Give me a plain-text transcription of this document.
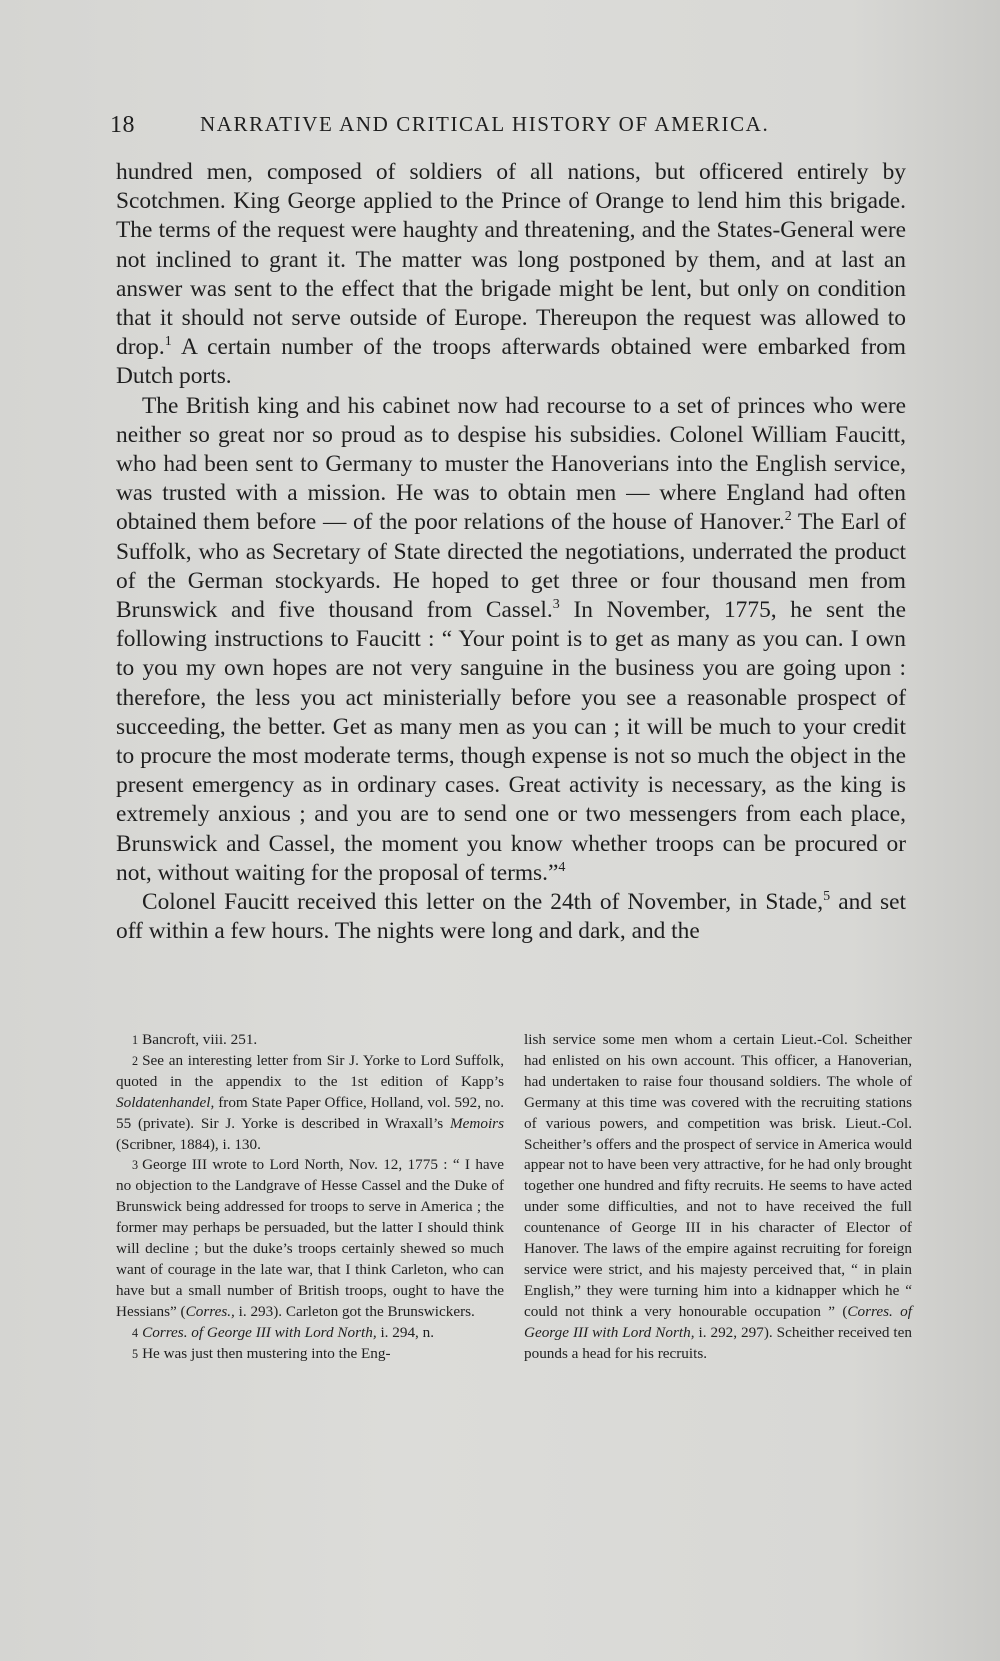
18	NARRATIVE AND CRITICAL HISTORY OF AMERICA.

hundred men, composed of soldiers of all nations, but officered entirely by Scotchmen. King George applied to the Prince of Orange to lend him this brigade. The terms of the request were haughty and threatening, and the States-General were not inclined to grant it. The matter was long postponed by them, and at last an answer was sent to the effect that the brigade might be lent, but only on condition that it should not serve outside of Europe. Thereupon the request was allowed to drop.$^1$ A certain number of the troops afterwards obtained were embarked from Dutch ports.

The British king and his cabinet now had recourse to a set of princes who were neither so great nor so proud as to despise his subsidies. Colonel William Faucitt, who had been sent to Germany to muster the Hanoverians into the English service, was trusted with a mission. He was to obtain men — where England had often obtained them before — of the poor relations of the house of Hanover.$^2$ The Earl of Suffolk, who as Secretary of State directed the negotiations, underrated the product of the German stockyards. He hoped to get three or four thousand men from Brunswick and five thousand from Cassel.$^3$ In November, 1775, he sent the following instructions to Faucitt : “ Your point is to get as many as you can. I own to you my own hopes are not very sanguine in the business you are going upon : therefore, the less you act ministerially before you see a reasonable prospect of succeeding, the better. Get as many men as you can ; it will be much to your credit to procure the most moderate terms, though expense is not so much the object in the present emergency as in ordinary cases. Great activity is necessary, as the king is extremely anxious ; and you are to send one or two messengers from each place, Brunswick and Cassel, the moment you know whether troops can be procured or not, without waiting for the proposal of terms.”$^4$

Colonel Faucitt received this letter on the 24th of November, in Stade,$^5$ and set off within a few hours. The nights were long and dark, and the

1 Bancroft, viii. 251.

2 See an interesting letter from Sir J. Yorke to Lord Suffolk, quoted in the appendix to the 1st edition of Kapp’s Soldatenhandel, from State Paper Office, Holland, vol. 592, no. 55 (private). Sir J. Yorke is described in Wraxall’s Memoirs (Scribner, 1884), i. 130.

3 George III wrote to Lord North, Nov. 12, 1775 : “ I have no objection to the Landgrave of Hesse Cassel and the Duke of Brunswick being addressed for troops to serve in America ; the former may perhaps be persuaded, but the latter I should think will decline ; but the duke’s troops certainly shewed so much want of courage in the late war, that I think Carleton, who can have but a small number of British troops, ought to have the Hessians” (Corres., i. 293). Carleton got the Brunswickers.

4 Corres. of George III with Lord North, i. 294, n.

5 He was just then mustering into the Eng-

lish service some men whom a certain Lieut.-Col. Scheither had enlisted on his own account. This officer, a Hanoverian, had undertaken to raise four thousand soldiers. The whole of Germany at this time was covered with the recruiting stations of various powers, and competition was brisk. Lieut.-Col. Scheither’s offers and the prospect of service in America would appear not to have been very attractive, for he had only brought together one hundred and fifty recruits. He seems to have acted under some difficulties, and not to have received the full countenance of George III in his character of Elector of Hanover. The laws of the empire against recruiting for foreign service were strict, and his majesty perceived that, “ in plain English,” they were turning him into a kidnapper which he “ could not think a very honourable occupation ” (Corres. of George III with Lord North, i. 292, 297). Scheither received ten pounds a head for his recruits.
